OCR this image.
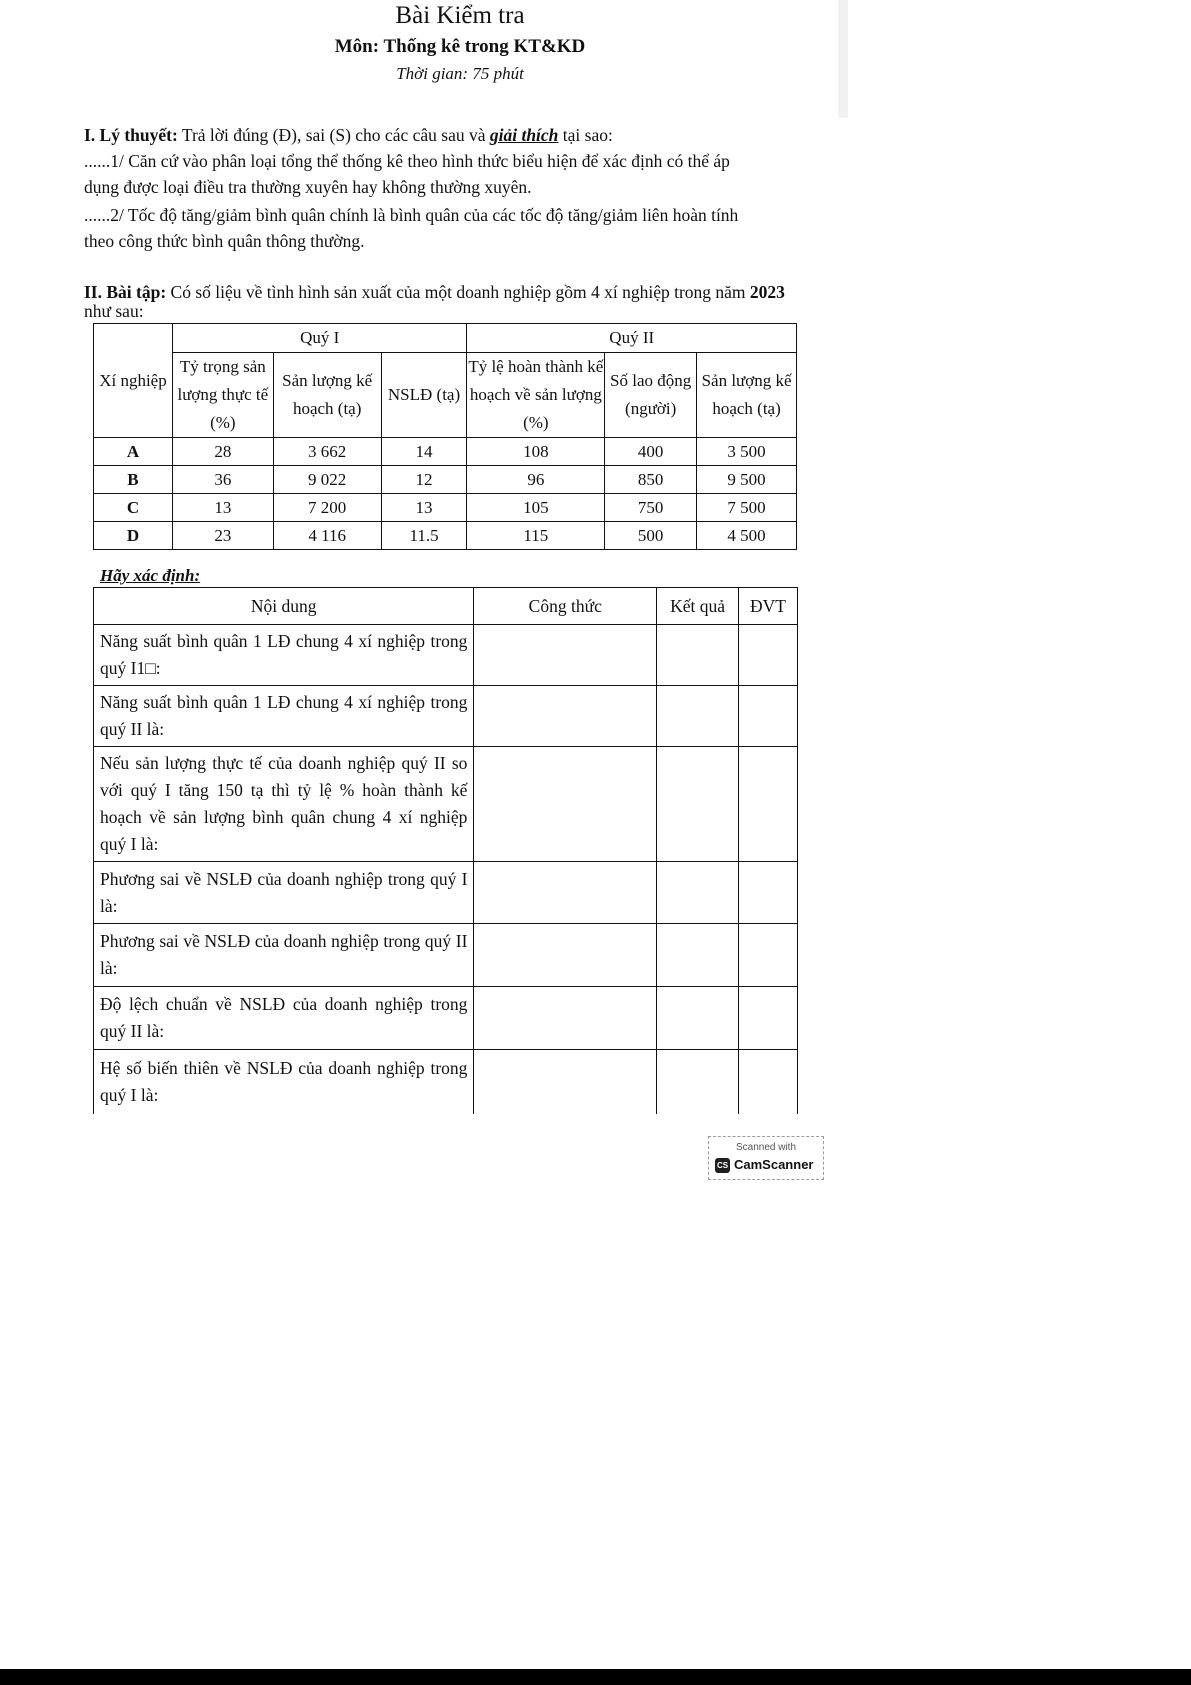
Bài Kiểm tra
Môn: Thống kê trong KT&KD
Thời gian: 75 phút
I. Lý thuyết: Trả lời đúng (Đ), sai (S) cho các câu sau và giải thích tại sao:
......1/ Căn cứ vào phân loại tổng thể thống kê theo hình thức biểu hiện để xác định có thể áp
dụng được loại điều tra thường xuyên hay không thường xuyên.
......2/ Tốc độ tăng/giảm bình quân chính là bình quân của các tốc độ tăng/giảm liên hoàn tính
theo công thức bình quân thông thường.
II. Bài tập: Có số liệu về tình hình sản xuất của một doanh nghiệp gồm 4 xí nghiệp trong năm 2023
như sau:
Xí nghiệp	Quý I			Quý II		
	Tỷ trọng sản lượng thực tế (%)	Sản lượng kế hoạch (tạ)	NSLĐ (tạ)	Tỷ lệ hoàn thành kế hoạch về sản lượng (%)	Số lao động (người)	Sản lượng kế hoạch (tạ)
A	28	3 662	14	108	400	3 500
B	36	9 022	12	96	850	9 500
C	13	7 200	13	105	750	7 500
D	23	4 116	11.5	115	500	4 500
Hãy xác định:
Nội dung	Công thức	Kết quả	ĐVT
Năng suất bình quân 1 LĐ chung 4 xí nghiệp trong quý I1□:			
Năng suất bình quân 1 LĐ chung 4 xí nghiệp trong quý II là:			
Nếu sản lượng thực tế của doanh nghiệp quý II so với quý I tăng 150 tạ thì tỷ lệ % hoàn thành kế hoạch về sản lượng bình quân chung 4 xí nghiệp quý I là:			
Phương sai về NSLĐ của doanh nghiệp trong quý I là:			
Phương sai về NSLĐ của doanh nghiệp trong quý II là:			
Độ lệch chuẩn về NSLĐ của doanh nghiệp trong quý II là:			
Hệ số biến thiên về NSLĐ của doanh nghiệp trong quý I là:			
Scanned with
CS CamScanner
